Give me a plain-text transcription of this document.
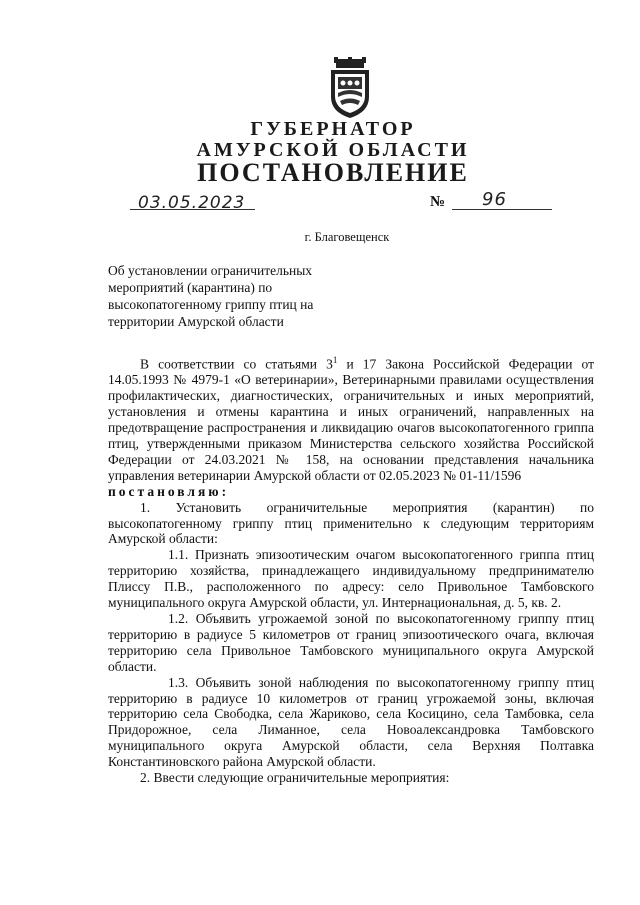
ГУБЕРНАТОР
АМУРСКОЙ ОБЛАСТИ
ПОСТАНОВЛЕНИЕ
03.05.2023	№ 96
г. Благовещенск
Об установлении ограничительных мероприятий (карантина) по высокопатогенному гриппу птиц на территории Амурской области

В соответствии со статьями $3^1$ и 17 Закона Российской Федерации от 14.05.1993 № 4979-1 «О ветеринарии», Ветеринарными правилами осуществления профилактических, диагностических, ограничительных и иных мероприятий, установления и отмены карантина и иных ограничений, направленных на предотвращение распространения и ликвидацию очагов высокопатогенного гриппа птиц, утвержденными приказом Министерства сельского хозяйства Российской Федерации от 24.03.2021 № 158, на основании представления начальника управления ветеринарии Амурской области от 02.05.2023 № 01-11/1596

постановляю:

1. Установить ограничительные мероприятия (карантин) по высокопатогенному гриппу птиц применительно к следующим территориям Амурской области:

1.1. Признать эпизоотическим очагом высокопатогенного гриппа птиц территорию хозяйства, принадлежащего индивидуальному предпринимателю Плиссу П.В., расположенного по адресу: село Привольное Тамбовского муниципального округа Амурской области, ул. Интернациональная, д. 5, кв. 2.

1.2. Объявить угрожаемой зоной по высокопатогенному гриппу птиц территорию в радиусе 5 километров от границ эпизоотического очага, включая территорию села Привольное Тамбовского муниципального округа Амурской области.

1.3. Объявить зоной наблюдения по высокопатогенному гриппу птиц территорию в радиусе 10 километров от границ угрожаемой зоны, включая территорию села Свободка, села Жариково, села Косицино, села Тамбовка, села Придорожное, села Лиманное, села Новоалександровка Тамбовского муниципального округа Амурской области, села Верхняя Полтавка Константиновского района Амурской области.

2. Ввести следующие ограничительные мероприятия:
